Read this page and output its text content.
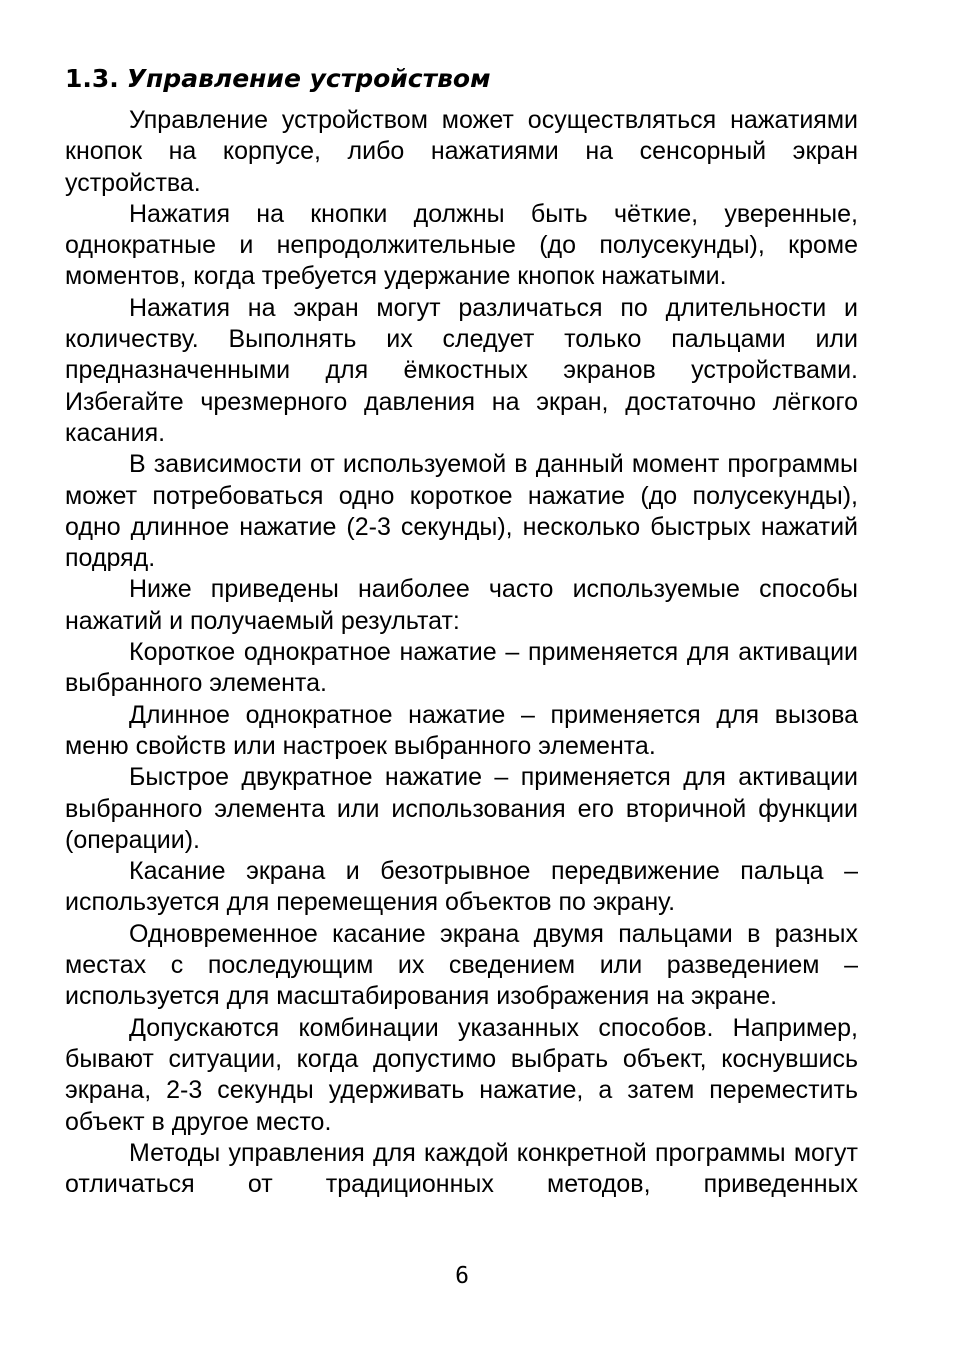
1.3. Управление устройством

Управление устройством может осуществляться нажатиями кнопок на корпусе, либо нажатиями на сенсорный экран устройства.

Нажатия на кнопки должны быть чёткие, уверенные, однократные и непродолжительные (до полусекунды), кроме моментов, когда требуется удержание кнопок нажатыми.

Нажатия на экран могут различаться по длительности и количеству. Выполнять их следует только пальцами или предназначенными для ёмкостных экранов устройствами. Избегайте чрезмерного давления на экран, достаточно лёгкого касания.

В зависимости от используемой в данный момент программы может потребоваться одно короткое нажатие (до полусекунды), одно длинное нажатие (2-3 секунды), несколько быстрых нажатий подряд.

Ниже приведены наиболее часто используемые способы нажатий и получаемый результат:

Короткое однократное нажатие – применяется для активации выбранного элемента.

Длинное однократное нажатие – применяется для вызова меню свойств или настроек выбранного элемента.

Быстрое двукратное нажатие – применяется для активации выбранного элемента или использования его вторичной функции (операции).

Касание экрана и безотрывное передвижение пальца – используется для перемещения объектов по экрану.

Одновременное касание экрана двумя пальцами в разных местах с последующим их сведением или разведением – используется для масштабирования изображения на экране.

Допускаются комбинации указанных способов. Например, бывают ситуации, когда допустимо выбрать объект, коснувшись экрана, 2-3 секунды удерживать нажатие, а затем переместить объект в другое место.

Методы управления для каждой конкретной программы могут отличаться от традиционных методов, приведенных

6
